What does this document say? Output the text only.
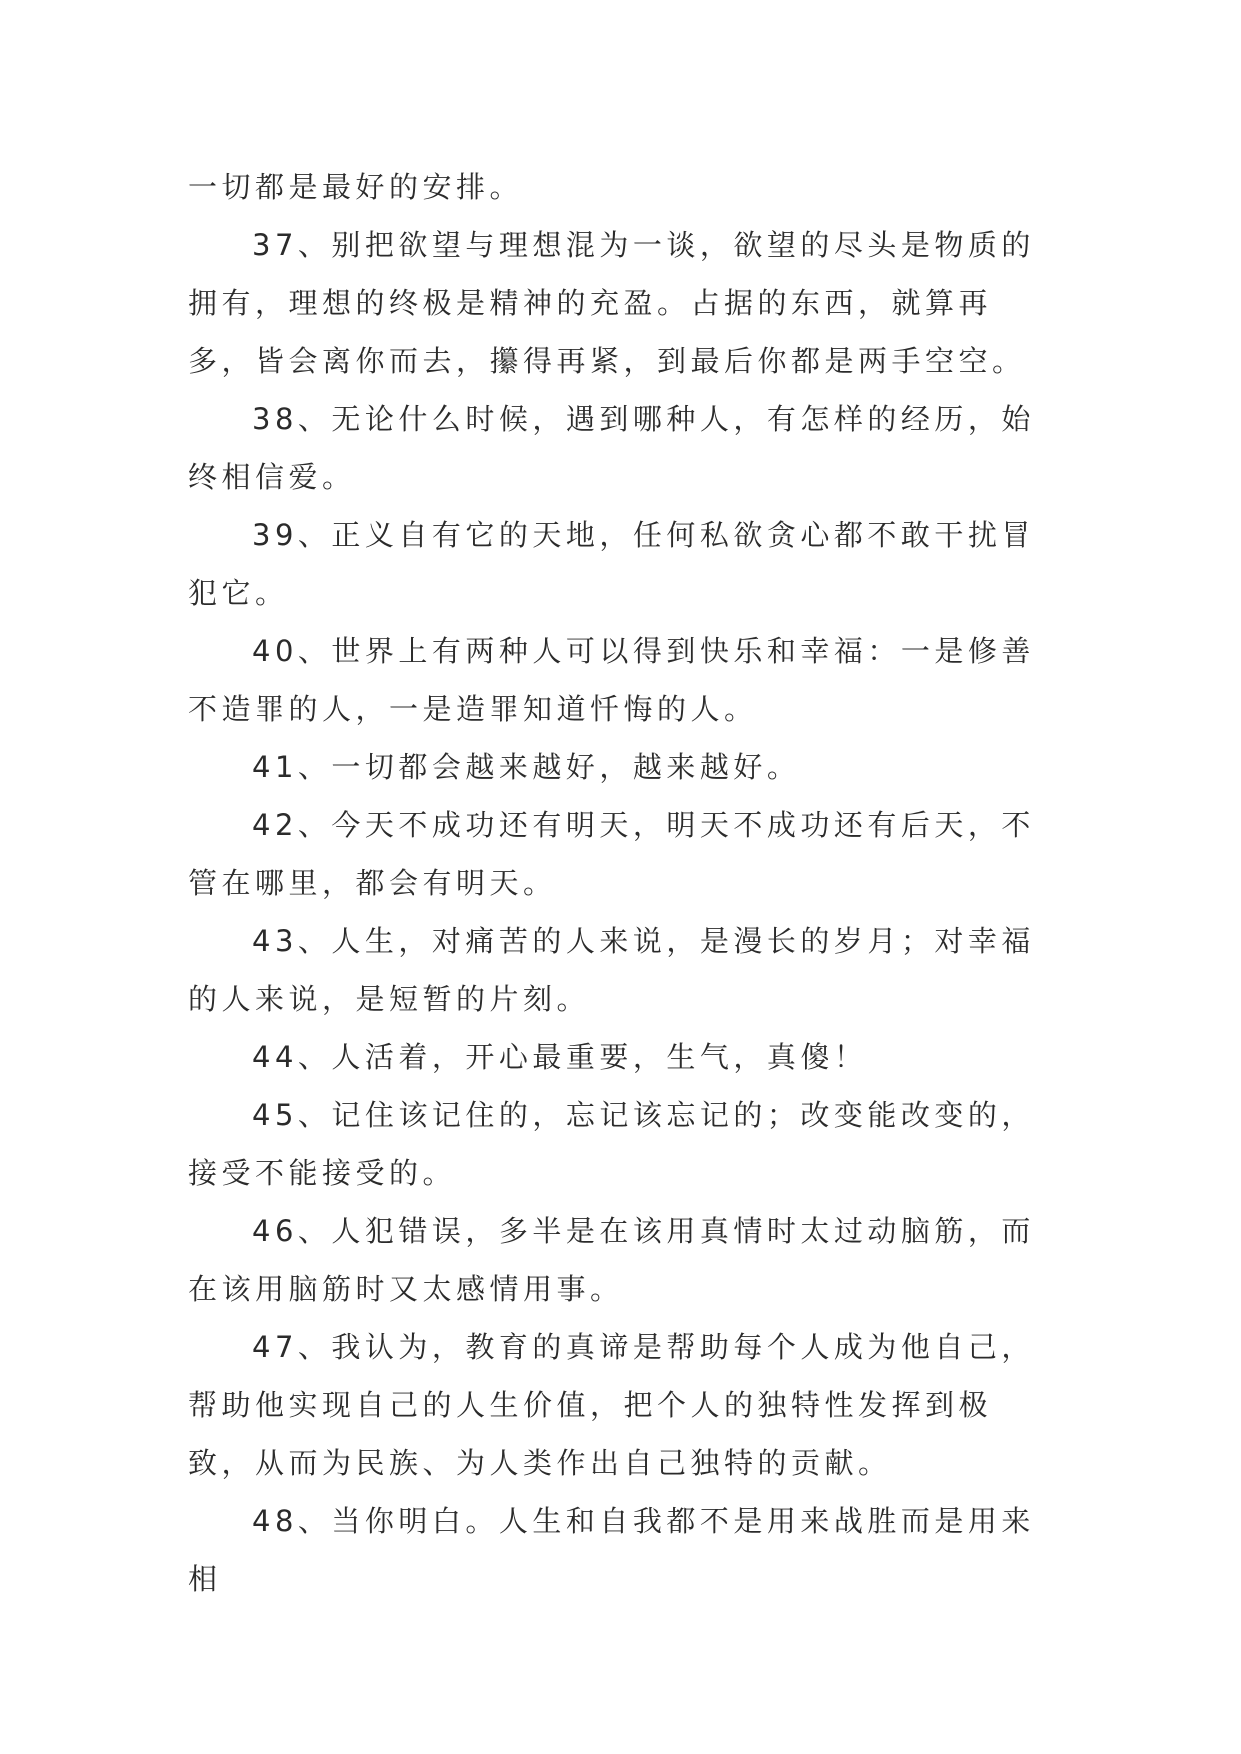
一切都是最好的安排。

37、别把欲望与理想混为一谈，欲望的尽头是物质的拥有，理想的终极是精神的充盈。占据的东西，就算再多，皆会离你而去，攥得再紧，到最后你都是两手空空。

38、无论什么时候，遇到哪种人，有怎样的经历，始终相信爱。

39、正义自有它的天地，任何私欲贪心都不敢干扰冒犯它。

40、世界上有两种人可以得到快乐和幸福：一是修善不造罪的人，一是造罪知道忏悔的人。

41、一切都会越来越好，越来越好。

42、今天不成功还有明天，明天不成功还有后天，不管在哪里，都会有明天。

43、人生，对痛苦的人来说，是漫长的岁月；对幸福的人来说，是短暂的片刻。

44、人活着，开心最重要，生气，真傻！

45、记住该记住的，忘记该忘记的；改变能改变的，接受不能接受的。

46、人犯错误，多半是在该用真情时太过动脑筋，而在该用脑筋时又太感情用事。

47、我认为，教育的真谛是帮助每个人成为他自己，帮助他实现自己的人生价值，把个人的独特性发挥到极致，从而为民族、为人类作出自己独特的贡献。

48、当你明白。人生和自我都不是用来战胜而是用来相
